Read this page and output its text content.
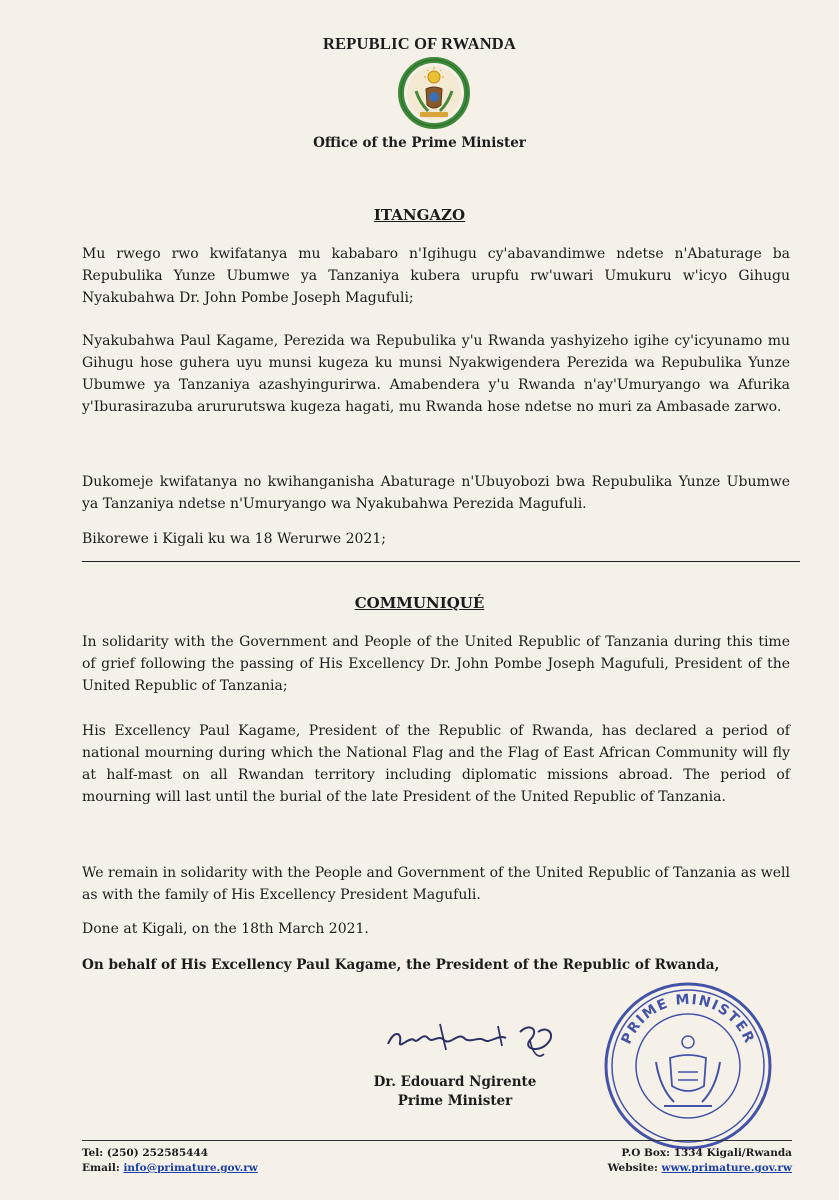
REPUBLIC OF RWANDA
Office of the Prime Minister
ITANGAZO

Mu rwego rwo kwifatanya mu kababaro n'Igihugu cy'abavandimwe ndetse n'Abaturage ba Repubulika Yunze Ubumwe ya Tanzaniya kubera urupfu rw'uwari Umukuru w'icyo Gihugu Nyakubahwa Dr. John Pombe Joseph Magufuli;

Nyakubahwa Paul Kagame, Perezida wa Repubulika y'u Rwanda yashyizeho igihe cy'icyunamo mu Gihugu hose guhera uyu munsi kugeza ku munsi Nyakwigendera Perezida wa Repubulika Yunze Ubumwe ya Tanzaniya azashyingurirwa. Amabendera y'u Rwanda n'ay'Umuryango wa Afurika y'Iburasirazuba arururutswa kugeza hagati, mu Rwanda hose ndetse no muri za Ambasade zarwo.

Dukomeje kwifatanya no kwihanganisha Abaturage n'Ubuyobozi bwa Repubulika Yunze Ubumwe ya Tanzaniya ndetse n'Umuryango wa Nyakubahwa Perezida Magufuli.

Bikorewe i Kigali ku wa 18 Werurwe 2021;

COMMUNIQUÉ

In solidarity with the Government and People of the United Republic of Tanzania during this time of grief following the passing of His Excellency Dr. John Pombe Joseph Magufuli, President of the United Republic of Tanzania;

His Excellency Paul Kagame, President of the Republic of Rwanda, has declared a period of national mourning during which the National Flag and the Flag of East African Community will fly at half-mast on all Rwandan territory including diplomatic missions abroad. The period of mourning will last until the burial of the late President of the United Republic of Tanzania.

We remain in solidarity with the People and Government of the United Republic of Tanzania as well as with the family of His Excellency President Magufuli.

Done at Kigali, on the 18th March 2021.

On behalf of His Excellency Paul Kagame, the President of the Republic of Rwanda,
PRIME MINISTER
Dr. Edouard Ngirente
Prime Minister
Tel: (250) 252585444
Email: info@primature.gov.rw
P.O Box: 1334 Kigali/Rwanda
Website: www.primature.gov.rw
